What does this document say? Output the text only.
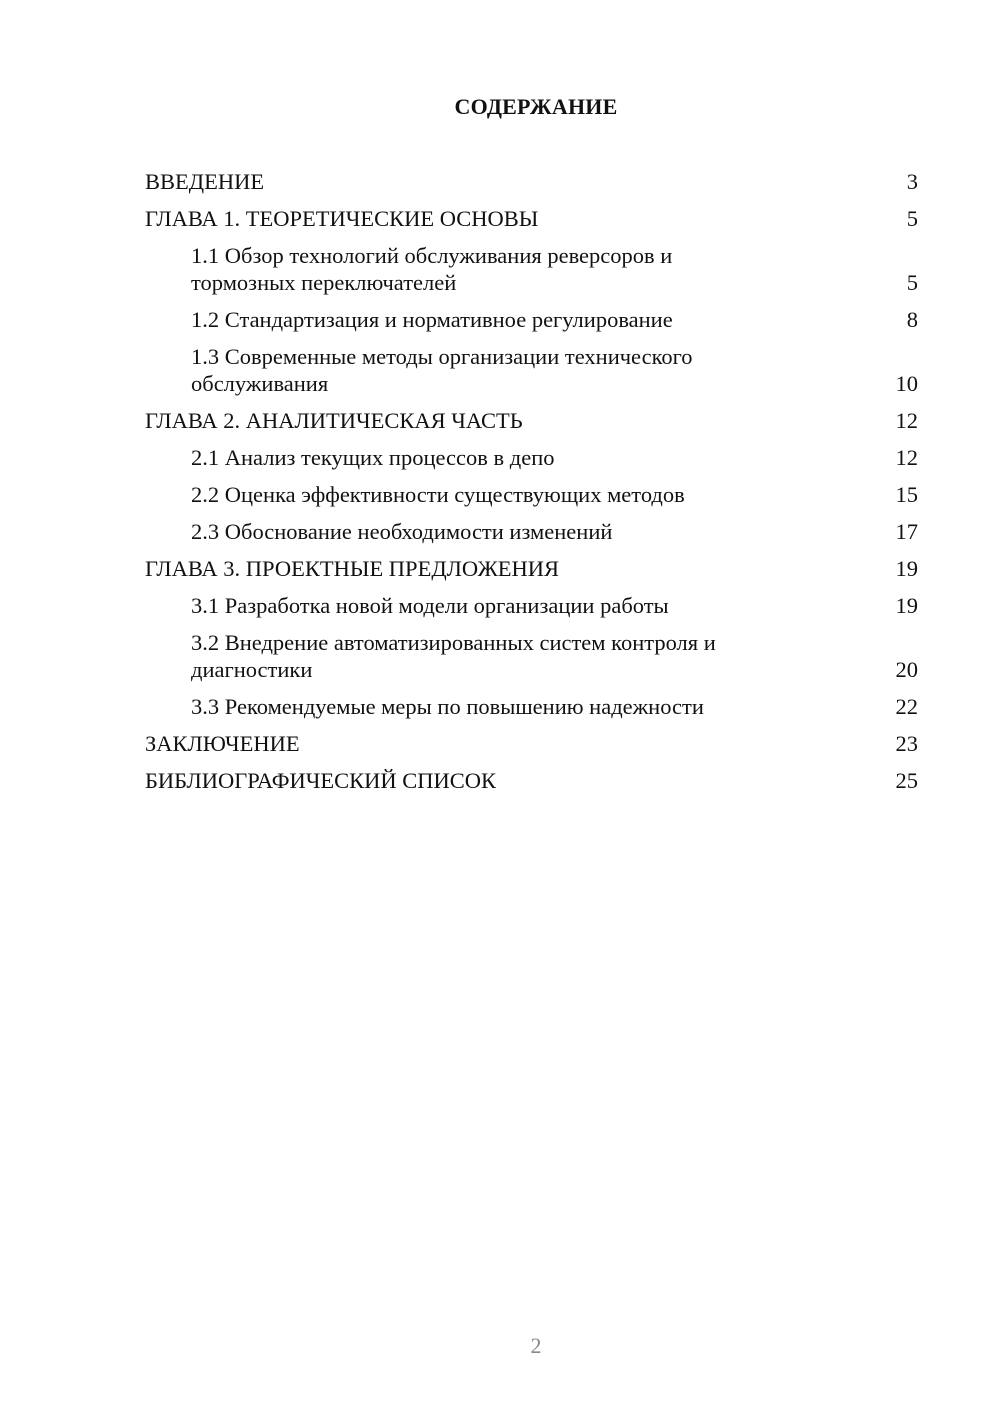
СОДЕРЖАНИЕ
ВВЕДЕНИЕ	3
ГЛАВА 1. ТЕОРЕТИЧЕСКИЕ ОСНОВЫ	5
1.1 Обзор технологий обслуживания реверсоров и тормозных переключателей	5
1.2 Стандартизация и нормативное регулирование	8
1.3 Современные методы организации технического обслуживания	10
ГЛАВА 2. АНАЛИТИЧЕСКАЯ ЧАСТЬ	12
2.1 Анализ текущих процессов в депо	12
2.2 Оценка эффективности существующих методов	15
2.3 Обоснование необходимости изменений	17
ГЛАВА 3. ПРОЕКТНЫЕ ПРЕДЛОЖЕНИЯ	19
3.1 Разработка новой модели организации работы	19
3.2 Внедрение автоматизированных систем контроля и диагностики	20
3.3 Рекомендуемые меры по повышению надежности	22
ЗАКЛЮЧЕНИЕ	23
БИБЛИОГРАФИЧЕСКИЙ СПИСОК	25
2
